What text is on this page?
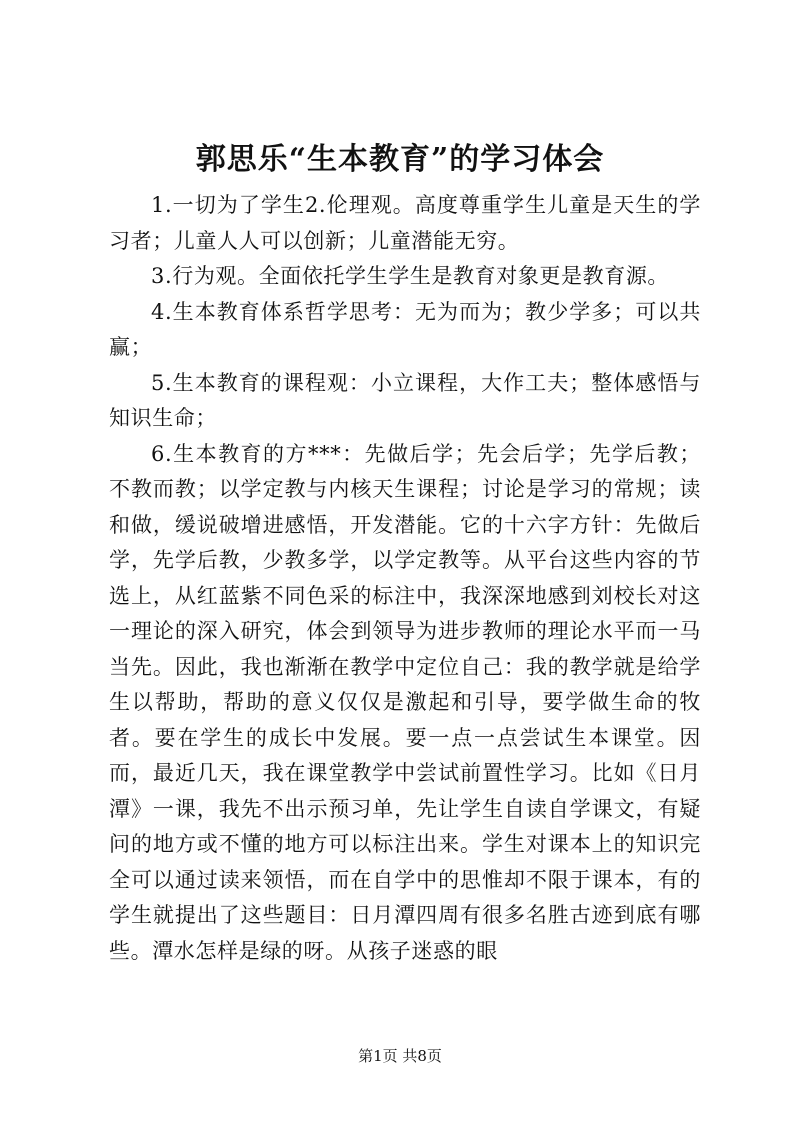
郭思乐“生本教育”的学习体会

1.一切为了学生2.伦理观。高度尊重学生儿童是天生的学习者；儿童人人可以创新；儿童潜能无穷。

3.行为观。全面依托学生学生是教育对象更是教育源。

4.生本教育体系哲学思考：无为而为；教少学多；可以共赢；

5.生本教育的课程观：小立课程，大作工夫；整体感悟与知识生命；

6.生本教育的方***：先做后学；先会后学；先学后教；不教而教；以学定教与内核天生课程；讨论是学习的常规；读和做，缓说破增进感悟，开发潜能。它的十六字方针：先做后学，先学后教，少教多学，以学定教等。从平台这些内容的节选上，从红蓝紫不同色采的标注中，我深深地感到刘校长对这一理论的深入研究，体会到领导为进步教师的理论水平而一马当先。因此，我也渐渐在教学中定位自己：我的教学就是给学生以帮助，帮助的意义仅仅是激起和引导，要学做生命的牧者。要在学生的成长中发展。要一点一点尝试生本课堂。因而，最近几天，我在课堂教学中尝试前置性学习。比如《日月潭》一课，我先不出示预习单，先让学生自读自学课文，有疑问的地方或不懂的地方可以标注出来。学生对课本上的知识完全可以通过读来领悟，而在自学中的思惟却不限于课本，有的学生就提出了这些题目：日月潭四周有很多名胜古迹到底有哪些。潭水怎样是绿的呀。从孩子迷惑的眼

第1页 共8页
